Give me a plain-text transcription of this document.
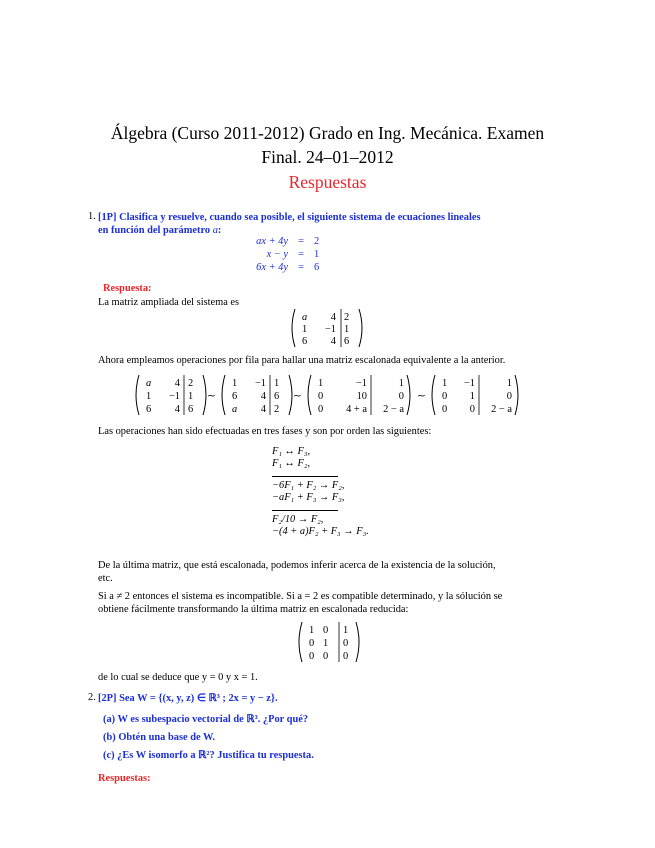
Álgebra (Curso 2011-2012) Grado en Ing. Mecánica. Examen
Final. 24–01–2012
Respuestas
1. [1P] Clasifica y resuelve, cuando sea posible, el siguiente sistema de ecuaciones lineales
en función del parámetro a:
ax + 4y = 2
x − y = 1
6x + 4y = 6
Respuesta:
La matriz ampliada del sistema es
a 4 2
1 −1 1
6 4 6
Ahora empleamos operaciones por fila para hallar una matriz escalonada equivalente a la anterior.
a 4 2
1 −1 1
6 4 6
∼
1 −1 1
6 4 6
a 4 2
∼
1	−1	1
0	10	0
0 4 + a 2 − a
∼
1 −1	1
0 1	0
0 0 2 − a
Las operaciones han sido efectuadas en tres fases y son por orden las siguientes:
F₁ ↔ F₃,
F₁ ↔ F₂,
−6F₁ + F₂ → F₂,
−aF₁ + F₃ → F₃,
F₂/10 → F₂,
−(4 + a)F₂ + F₃ → F₃.
De la última matriz, que está escalonada, podemos inferir acerca de la existencia de la solución,
etc.
Si a ≠ 2 entonces el sistema es incompatible. Si a = 2 es compatible determinado, y la sólución se
obtiene fácilmente transformando la última matriz en escalonada reducida:
1 0 1
0 1 0
0 0 0
de lo cual se deduce que y = 0 y x = 1.
2. [2P] Sea W = {(x, y, z) ∈ ℝ³ ; 2x = y − z}.
(a) W es subespacio vectorial de ℝ³. ¿Por qué?
(b) Obtén una base de W.
(c) ¿Es W isomorfo a ℝ²? Justifica tu respuesta.
Respuestas:
